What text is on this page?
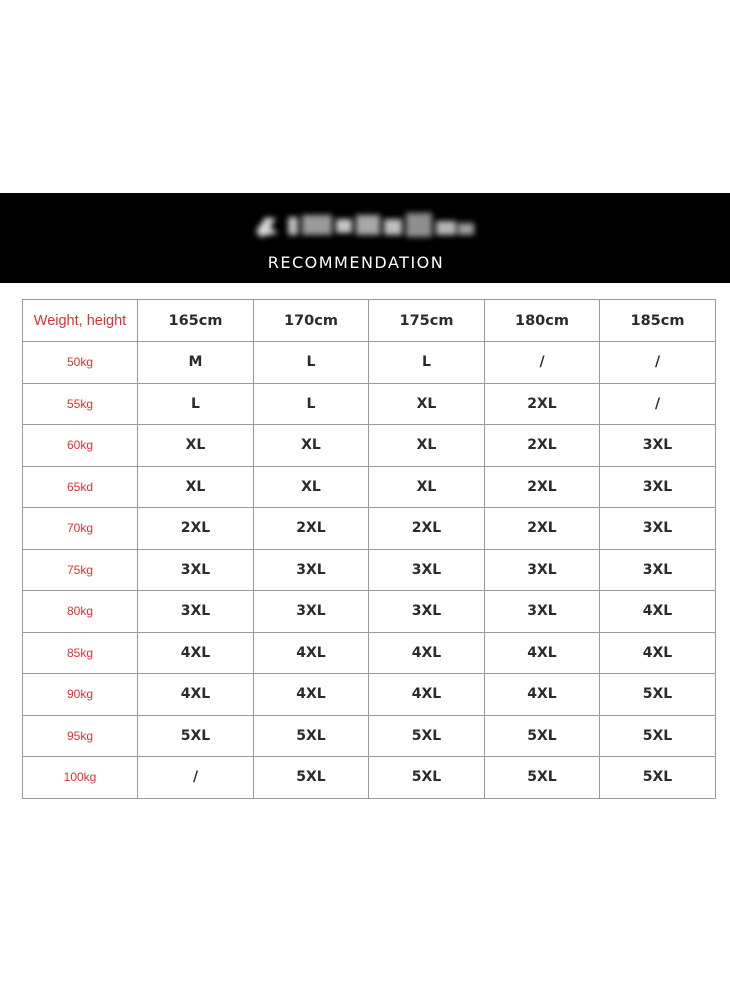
RECOMMENDATION
Weight, height	165cm	170cm	175cm	180cm	185cm
50kg	M	L	L	/	/
55kg	L	L	XL	2XL	/
60kg	XL	XL	XL	2XL	3XL
65kd	XL	XL	XL	2XL	3XL
70kg	2XL	2XL	2XL	2XL	3XL
75kg	3XL	3XL	3XL	3XL	3XL
80kg	3XL	3XL	3XL	3XL	4XL
85kg	4XL	4XL	4XL	4XL	4XL
90kg	4XL	4XL	4XL	4XL	5XL
95kg	5XL	5XL	5XL	5XL	5XL
100kg	/	5XL	5XL	5XL	5XL
